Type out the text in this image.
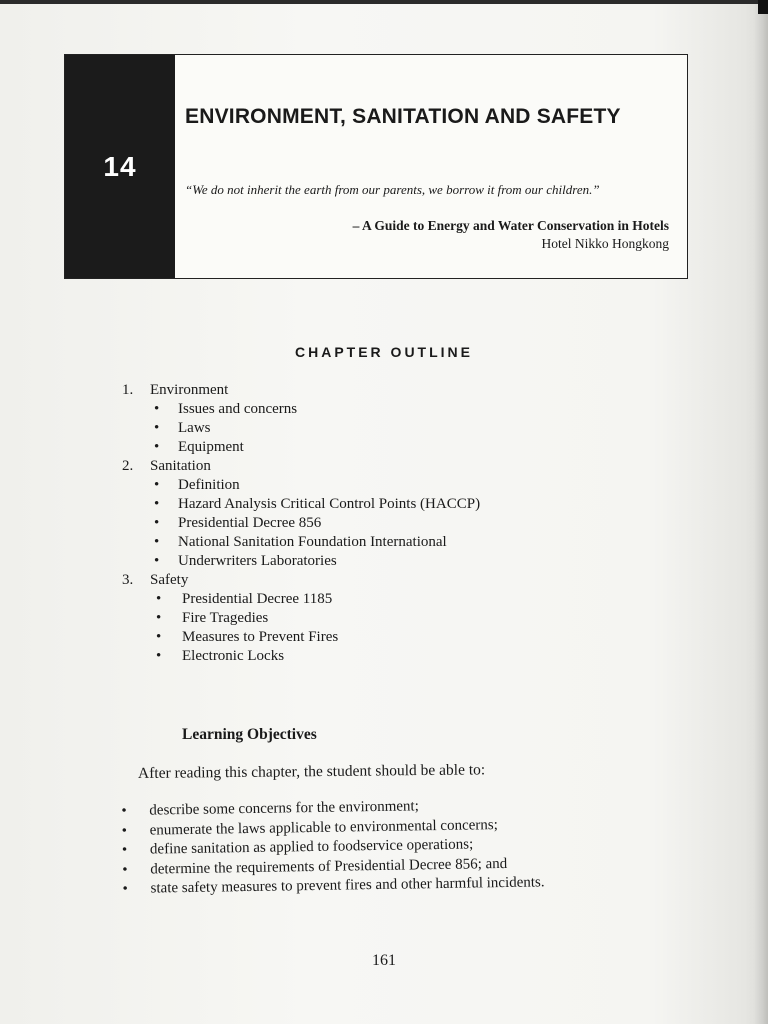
14
ENVIRONMENT, SANITATION AND SAFETY
“We do not inherit the earth from our parents, we borrow it from our children.”
– A Guide to Energy and Water Conservation in Hotels
Hotel Nikko Hongkong
CHAPTER OUTLINE
1. Environment
• Issues and concerns
• Laws
• Equipment
2. Sanitation
• Definition
• Hazard Analysis Critical Control Points (HACCP)
• Presidential Decree 856
• National Sanitation Foundation International
• Underwriters Laboratories
3. Safety
• Presidential Decree 1185
• Fire Tragedies
• Measures to Prevent Fires
• Electronic Locks
Learning Objectives
After reading this chapter, the student should be able to:
• describe some concerns for the environment;
• enumerate the laws applicable to environmental concerns;
• define sanitation as applied to foodservice operations;
• determine the requirements of Presidential Decree 856; and
• state safety measures to prevent fires and other harmful incidents.
161
